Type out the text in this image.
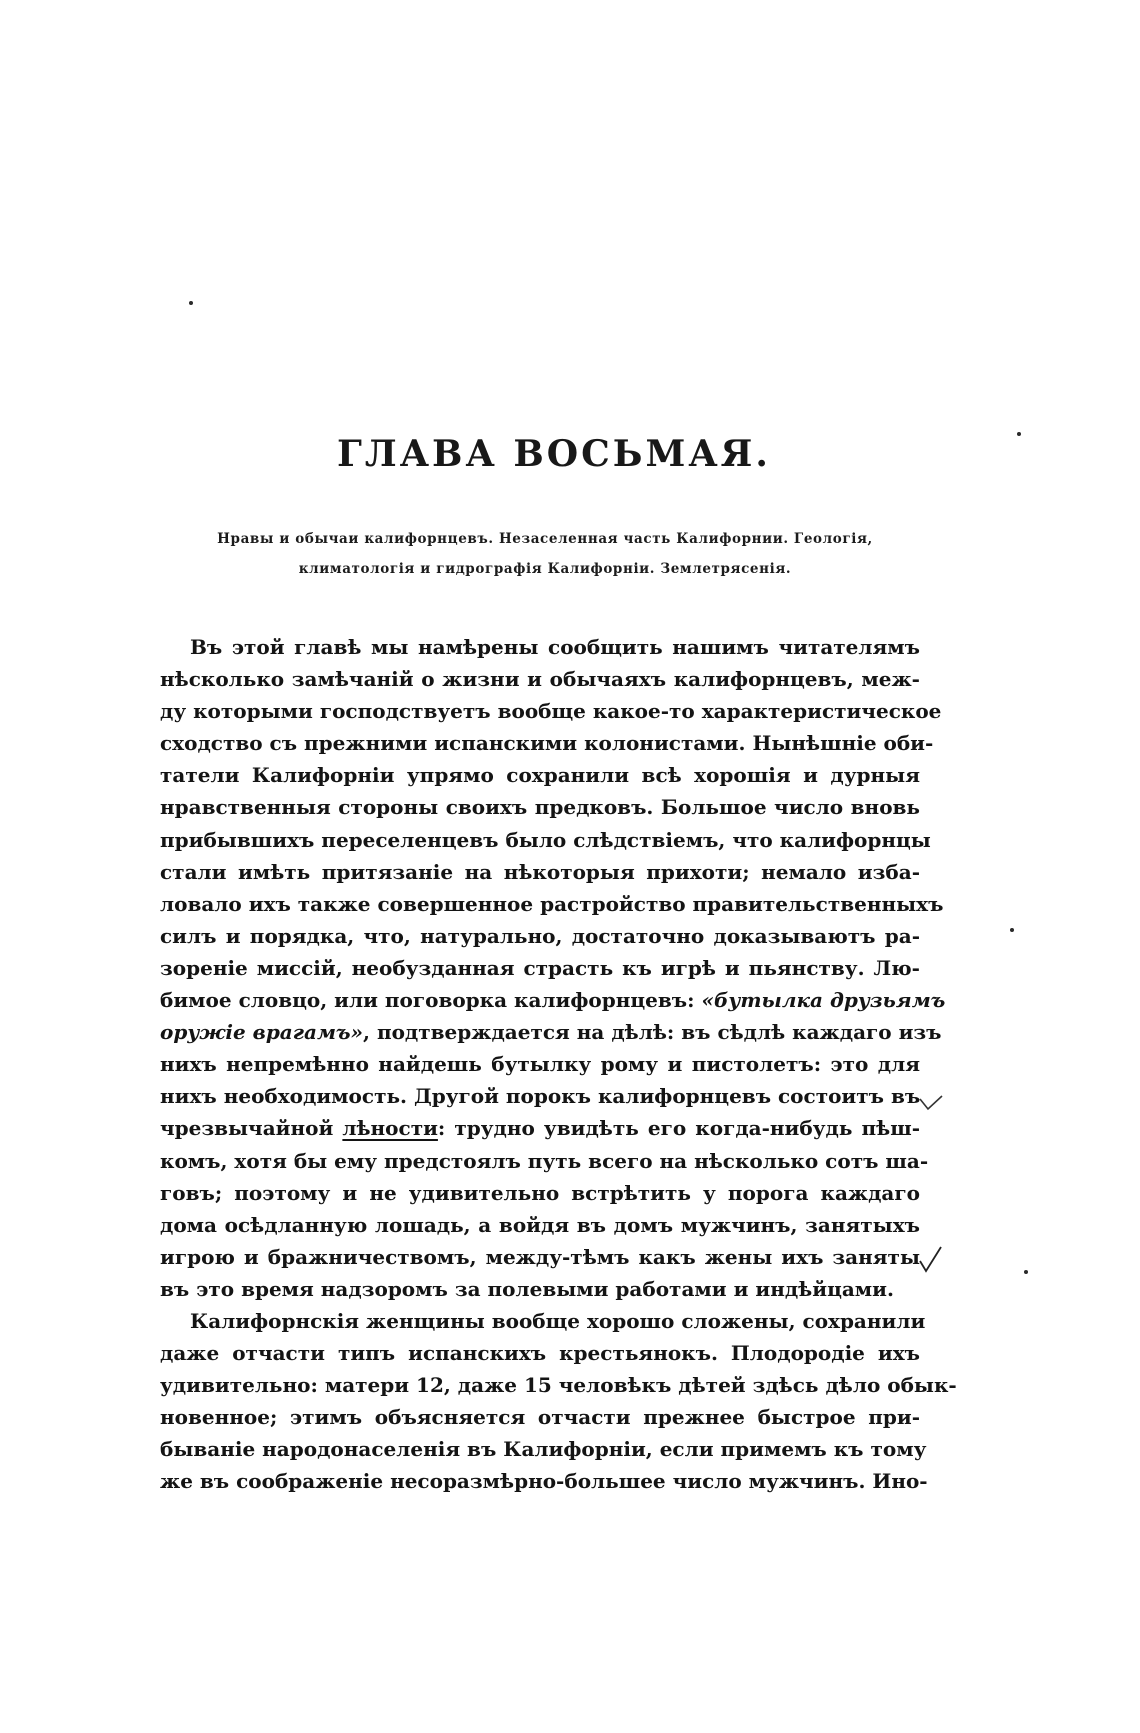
ГЛАВА ВОСЬМАЯ.
Нравы и обычаи калифорнцевъ. Незаселенная часть Калифорнии. Геологія,
климатологія и гидрографія Калифорніи. Землетрясенія.
Въ этой главѣ мы намѣрены сообщить нашимъ читателямъ
нѣсколько замѣчаній о жизни и обычаяхъ калифорнцевъ, меж-
ду которыми господствуетъ вообще какое-то характеристическое
сходство съ прежними испанскими колонистами. Нынѣшніе оби-
татели Калифорніи упрямо сохранили всѣ хорошія и дурныя
нравственныя стороны своихъ предковъ. Большое число вновь
прибывшихъ переселенцевъ было слѣдствіемъ, что калифорнцы
стали имѣть притязаніе на нѣкоторыя прихоти; немало изба-
ловало ихъ также совершенное растройство правительственныхъ
силъ и порядка, что, натурально, достаточно доказываютъ ра-
зореніе миссій, необузданная страсть къ игрѣ и пьянству. Лю-
бимое словцо, или поговорка калифорнцевъ: «бутылка друзьямъ
оружіе врагамъ», подтверждается на дѣлѣ: въ сѣдлѣ каждаго изъ
нихъ непремѣнно найдешь бутылку рому и пистолетъ: это для
нихъ необходимость. Другой порокъ калифорнцевъ состоитъ въ
чрезвычайной лѣности: трудно увидѣть его когда-нибудь пѣш-
комъ, хотя бы ему предстоялъ путь всего на нѣсколько сотъ ша-
говъ; поэтому и не удивительно встрѣтить у порога каждаго
дома осѣдланную лошадь, а войдя въ домъ мужчинъ, занятыхъ
игрою и бражничествомъ, между-тѣмъ какъ жены ихъ заняты
въ это время надзоромъ за полевыми работами и индѣйцами.
Калифорнскія женщины вообще хорошо сложены, сохранили
даже отчасти типъ испанскихъ крестьянокъ. Плодородіе ихъ
удивительно: матери 12, даже 15 человѣкъ дѣтей здѣсь дѣло обык-
новенное; этимъ объясняется отчасти прежнее быстрое при-
бываніе народонаселенія въ Калифорніи, если примемъ къ тому
же въ соображеніе несоразмѣрно-большее число мужчинъ. Ино-
